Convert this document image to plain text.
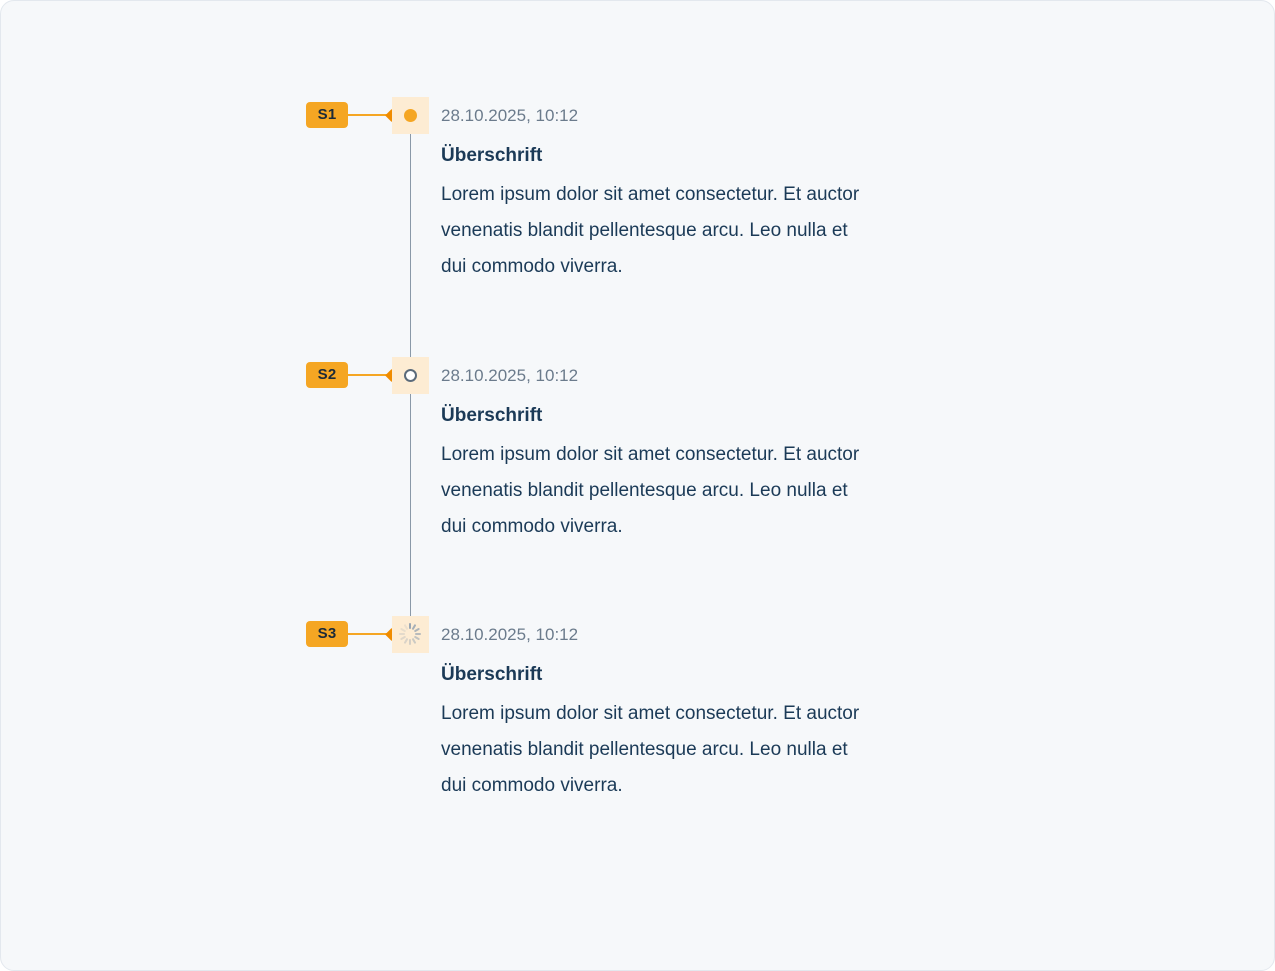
S1	28.10.2025, 10:12
Überschrift
Lorem ipsum dolor sit amet consectetur. Et auctor venenatis blandit pellentesque arcu. Leo nulla et dui commodo viverra.
S2	28.10.2025, 10:12
Überschrift
Lorem ipsum dolor sit amet consectetur. Et auctor venenatis blandit pellentesque arcu. Leo nulla et dui commodo viverra.
S3	28.10.2025, 10:12
Überschrift
Lorem ipsum dolor sit amet consectetur. Et auctor venenatis blandit pellentesque arcu. Leo nulla et dui commodo viverra.
